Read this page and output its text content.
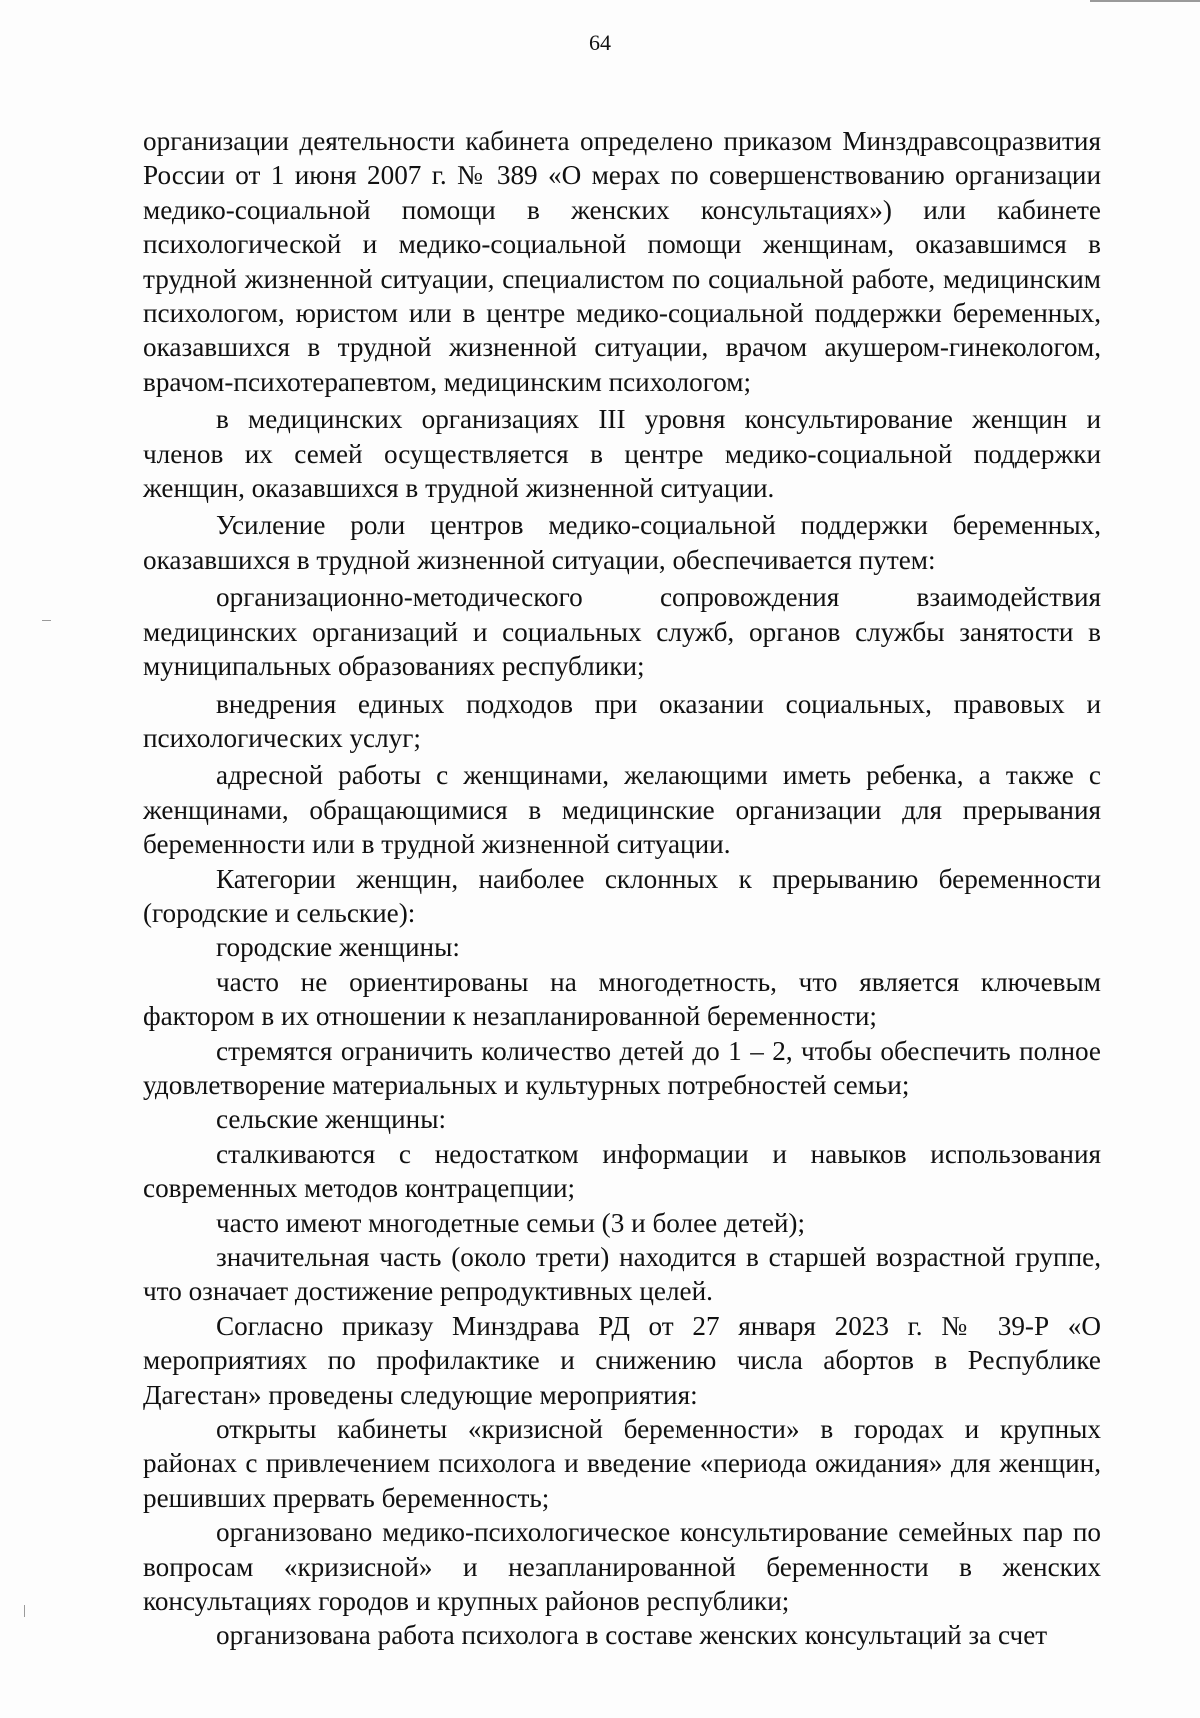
64

организации деятельности кабинета определено приказом Минздравсоцразвития России от 1 июня 2007 г. № 389 «О мерах по совершенствованию организации медико-социальной помощи в женских консультациях») или кабинете психологической и медико-социальной помощи женщинам, оказавшимся в трудной жизненной ситуации, специалистом по социальной работе, медицинским психологом, юристом или в центре медико-социальной поддержки беременных, оказавшихся в трудной жизненной ситуации, врачом акушером-гинекологом, врачом-психотерапевтом, медицинским психологом;

в медицинских организациях III уровня консультирование женщин и членов их семей осуществляется в центре медико-социальной поддержки женщин, оказавшихся в трудной жизненной ситуации.

Усиление роли центров медико-социальной поддержки беременных, оказавшихся в трудной жизненной ситуации, обеспечивается путем:

организационно-методического сопровождения взаимодействия медицинских организаций и социальных служб, органов службы занятости в муниципальных образованиях республики;

внедрения единых подходов при оказании социальных, правовых и психологических услуг;

адресной работы с женщинами, желающими иметь ребенка, а также с женщинами, обращающимися в медицинские организации для прерывания беременности или в трудной жизненной ситуации.

Категории женщин, наиболее склонных к прерыванию беременности (городские и сельские):

городские женщины:

часто не ориентированы на многодетность, что является ключевым фактором в их отношении к незапланированной беременности;

стремятся ограничить количество детей до 1 – 2, чтобы обеспечить полное удовлетворение материальных и культурных потребностей семьи;

сельские женщины:

сталкиваются с недостатком информации и навыков использования современных методов контрацепции;

часто имеют многодетные семьи (3 и более детей);

значительная часть (около трети) находится в старшей возрастной группе, что означает достижение репродуктивных целей.

Согласно приказу Минздрава РД от 27 января 2023 г. № 39-Р «О мероприятиях по профилактике и снижению числа абортов в Республике Дагестан» проведены следующие мероприятия:

открыты кабинеты «кризисной беременности» в городах и крупных районах с привлечением психолога и введение «периода ожидания» для женщин, решивших прервать беременность;

организовано медико-психологическое консультирование семейных пар по вопросам «кризисной» и незапланированной беременности в женских консультациях городов и крупных районов республики;

организована работа психолога в составе женских консультаций за счет
